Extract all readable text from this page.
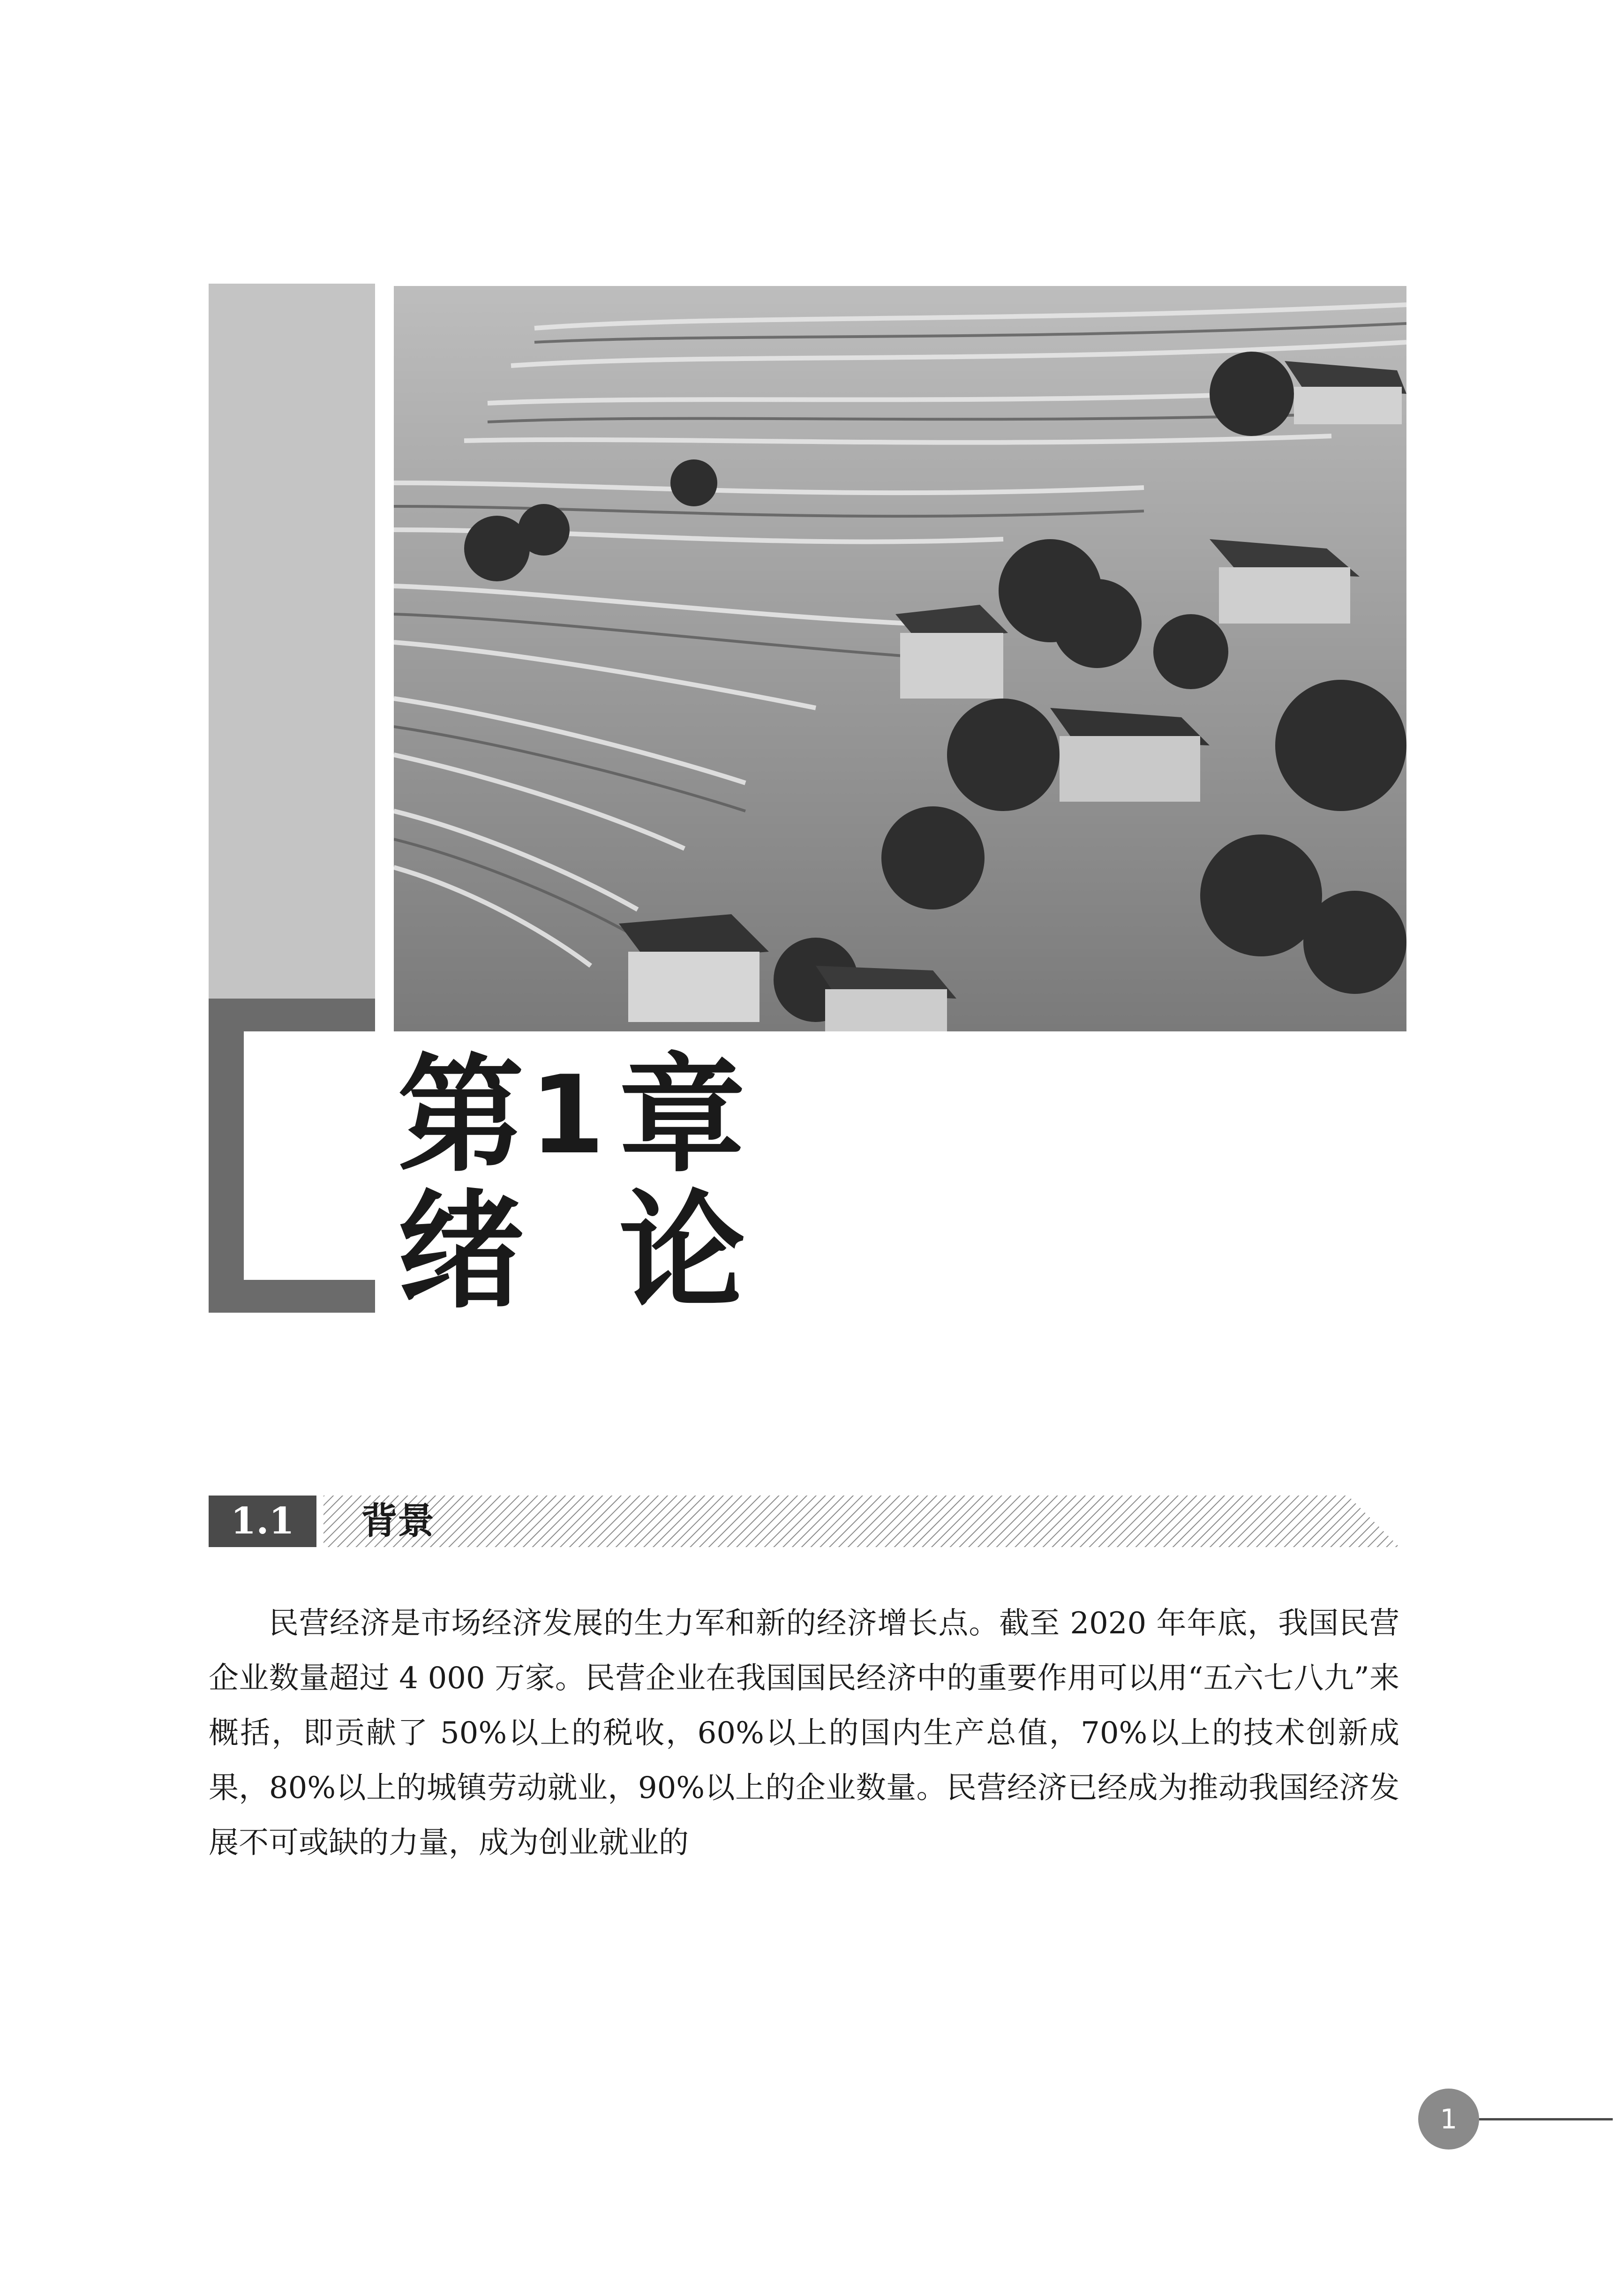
第 1 章
绪 论
1.1	背景

民营经济是市场经济发展的生力军和新的经济增长点。截至 2020 年年底，我国民营企业数量超过 4 000 万家。民营企业在我国国民经济中的重要作用可以用“五六七八九”来概括，即贡献了 50%以上的税收，60%以上的国内生产总值，70%以上的技术创新成果，80%以上的城镇劳动就业，90%以上的企业数量。民营经济已经成为推动我国经济发展不可或缺的力量，成为创业就业的

1
